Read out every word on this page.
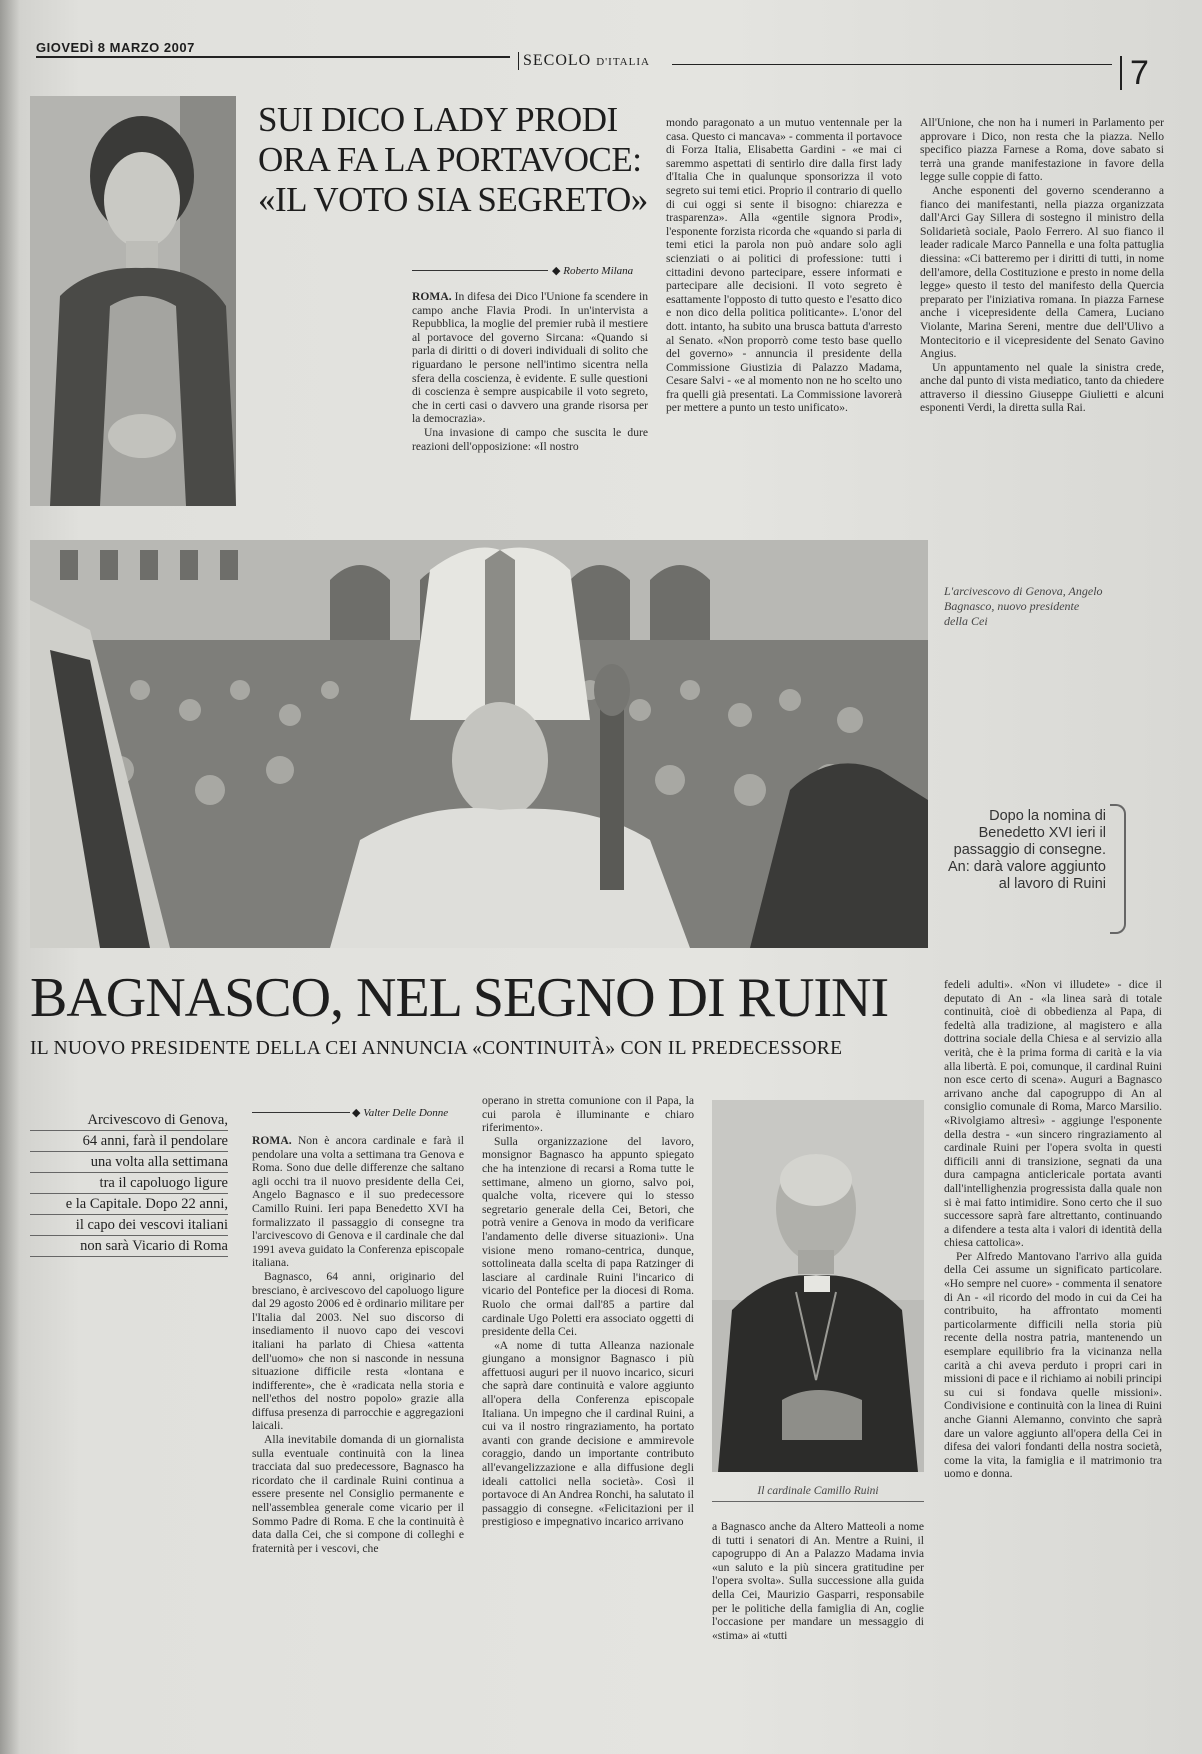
GIOVEDÌ 8 MARZO 2007
SECOLO D'ITALIA	7
SUI DICO LADY PRODI ORA FA LA PORTAVOCE: «IL VOTO SIA SEGRETO»
◆ Roberto Milana

ROMA. In difesa dei Dico l'Unione fa scendere in campo anche Flavia Prodi. In un'intervista a Repubblica, la moglie del premier rubà il mestiere al portavoce del governo Sircana: «Quando si parla di diritti o di doveri individuali di solito che riguardano le persone nell'intimo sicentra nella sfera della coscienza, è evidente. E sulle questioni di coscienza è sempre auspicabile il voto segreto, che in certi casi o davvero una grande risorsa per la democrazia».

Una invasione di campo che suscita le dure reazioni dell'opposizione: «Il nostro

mondo paragonato a un mutuo ventennale per la casa. Questo ci mancava» - commenta il portavoce di Forza Italia, Elisabetta Gardini - «e mai ci saremmo aspettati di sentirlo dire dalla first lady d'Italia Che in qualunque sponsorizza il voto segreto sui temi etici. Proprio il contrario di quello di cui oggi si sente il bisogno: chiarezza e trasparenza». Alla «gentile signora Prodi», l'esponente forzista ricorda che «quando si parla di temi etici la parola non può andare solo agli scienziati o ai politici di professione: tutti i cittadini devono partecipare, essere informati e partecipare alle decisioni. Il voto segreto è esattamente l'opposto di tutto questo e l'esatto dico e non dico della politica politicante». L'onor del dott. intanto, ha subito una brusca battuta d'arresto al Senato. «Non proporrò come testo base quello del governo» - annuncia il presidente della Commissione Giustizia di Palazzo Madama, Cesare Salvi - «e al momento non ne ho scelto uno fra quelli già presentati. La Commissione lavorerà per mettere a punto un testo unificato».

All'Unione, che non ha i numeri in Parlamento per approvare i Dico, non resta che la piazza. Nello specifico piazza Farnese a Roma, dove sabato si terrà una grande manifestazione in favore della legge sulle coppie di fatto.

Anche esponenti del governo scenderanno a fianco dei manifestanti, nella piazza organizzata dall'Arci Gay Sillera di sostegno il ministro della Solidarietà sociale, Paolo Ferrero. Al suo fianco il leader radicale Marco Pannella e una folta pattuglia diessina: «Ci batteremo per i diritti di tutti, in nome dell'amore, della Costituzione e presto in nome della legge» questo il testo del manifesto della Quercia preparato per l'iniziativa romana. In piazza Farnese anche i vicepresidente della Camera, Luciano Violante, Marina Sereni, mentre due dell'Ulivo a Montecitorio e il vicepresidente del Senato Gavino Angius.

Un appuntamento nel quale la sinistra crede, anche dal punto di vista mediatico, tanto da chiedere attraverso il diessino Giuseppe Giulietti e alcuni esponenti Verdi, la diretta sulla Rai.

L'arcivescovo di Genova, Angelo Bagnasco, nuovo presidente della Cei
Dopo la nomina di Benedetto XVI ieri il passaggio di consegne. An: darà valore aggiunto al lavoro di Ruini
BAGNASCO, NEL SEGNO DI RUINI
IL NUOVO PRESIDENTE DELLA CEI ANNUNCIA «CONTINUITÀ» CON IL PREDECESSORE
Arcivescovo di Genova,
64 anni, farà il pendolare
una volta alla settimana
tra il capoluogo ligure
e la Capitale. Dopo 22 anni,
il capo dei vescovi italiani
non sarà Vicario di Roma
◆ Valter Delle Donne

ROMA. Non è ancora cardinale e farà il pendolare una volta a settimana tra Genova e Roma. Sono due delle differenze che saltano agli occhi tra il nuovo presidente della Cei, Angelo Bagnasco e il suo predecessore Camillo Ruini. Ieri papa Benedetto XVI ha formalizzato il passaggio di consegne tra l'arcivescovo di Genova e il cardinale che dal 1991 aveva guidato la Conferenza episcopale italiana.

Bagnasco, 64 anni, originario del bresciano, è arcivescovo del capoluogo ligure dal 29 agosto 2006 ed è ordinario militare per l'Italia dal 2003. Nel suo discorso di insediamento il nuovo capo dei vescovi italiani ha parlato di Chiesa «attenta dell'uomo» che non si nasconde in nessuna situazione difficile resta «lontana e indifferente», che è «radicata nella storia e nell'ethos del nostro popolo» grazie alla diffusa presenza di parrocchie e aggregazioni laicali.

Alla inevitabile domanda di un giornalista sulla eventuale continuità con la linea tracciata dal suo predecessore, Bagnasco ha ricordato che il cardinale Ruini continua a essere presente nel Consiglio permanente e nell'assemblea generale come vicario per il Sommo Padre di Roma. E che la continuità è data dalla Cei, che si compone di colleghi e fraternità per i vescovi, che

operano in stretta comunione con il Papa, la cui parola è illuminante e chiaro riferimento».

Sulla organizzazione del lavoro, monsignor Bagnasco ha appunto spiegato che ha intenzione di recarsi a Roma tutte le settimane, almeno un giorno, salvo poi, qualche volta, ricevere qui lo stesso segretario generale della Cei, Betori, che potrà venire a Genova in modo da verificare l'andamento delle diverse situazioni». Una visione meno romano-centrica, dunque, sottolineata dalla scelta di papa Ratzinger di lasciare al cardinale Ruini l'incarico di vicario del Pontefice per la diocesi di Roma. Ruolo che ormai dall'85 a partire dal cardinale Ugo Poletti era associato oggetti di presidente della Cei.

«A nome di tutta Alleanza nazionale giungano a monsignor Bagnasco i più affettuosi auguri per il nuovo incarico, sicuri che saprà dare continuità e valore aggiunto all'opera della Conferenza episcopale Italiana. Un impegno che il cardinal Ruini, a cui va il nostro ringraziamento, ha portato avanti con grande decisione e ammirevole coraggio, dando un importante contributo all'evangelizzazione e alla diffusione degli ideali cattolici nella società». Così il portavoce di An Andrea Ronchi, ha salutato il passaggio di consegne. «Felicitazioni per il prestigioso e impegnativo incarico arrivano

Il cardinale Camillo Ruini

a Bagnasco anche da Altero Matteoli a nome di tutti i senatori di An. Mentre a Ruini, il capogruppo di An a Palazzo Madama invia «un saluto e la più sincera gratitudine per l'opera svolta». Sulla successione alla guida della Cei, Maurizio Gasparri, responsabile per le politiche della famiglia di An, coglie l'occasione per mandare un messaggio di «stima» ai «tutti

fedeli adulti». «Non vi illudete» - dice il deputato di An - «la linea sarà di totale continuità, cioè di obbedienza al Papa, di fedeltà alla tradizione, al magistero e alla dottrina sociale della Chiesa e al servizio alla verità, che è la prima forma di carità e la via alla libertà. E poi, comunque, il cardinal Ruini non esce certo di scena». Auguri a Bagnasco arrivano anche dal capogruppo di An al consiglio comunale di Roma, Marco Marsilio. «Rivolgiamo altresì» - aggiunge l'esponente della destra - «un sincero ringraziamento al cardinale Ruini per l'opera svolta in questi difficili anni di transizione, segnati da una dura campagna anticlericale portata avanti dall'intellighenzia progressista dalla quale non si è mai fatto intimidire. Sono certo che il suo successore saprà fare altrettanto, continuando a difendere a testa alta i valori di identità della chiesa cattolica».

Per Alfredo Mantovano l'arrivo alla guida della Cei assume un significato particolare. «Ho sempre nel cuore» - commenta il senatore di An - «il ricordo del modo in cui da Cei ha contribuito, ha affrontato momenti particolarmente difficili nella storia più recente della nostra patria, mantenendo un esemplare equilibrio fra la vicinanza nella carità a chi aveva perduto i propri cari in missioni di pace e il richiamo ai nobili principi su cui si fondava quelle missioni». Condivisione e continuità con la linea di Ruini anche Gianni Alemanno, convinto che saprà dare un valore aggiunto all'opera della Cei in difesa dei valori fondanti della nostra società, come la vita, la famiglia e il matrimonio tra uomo e donna.
